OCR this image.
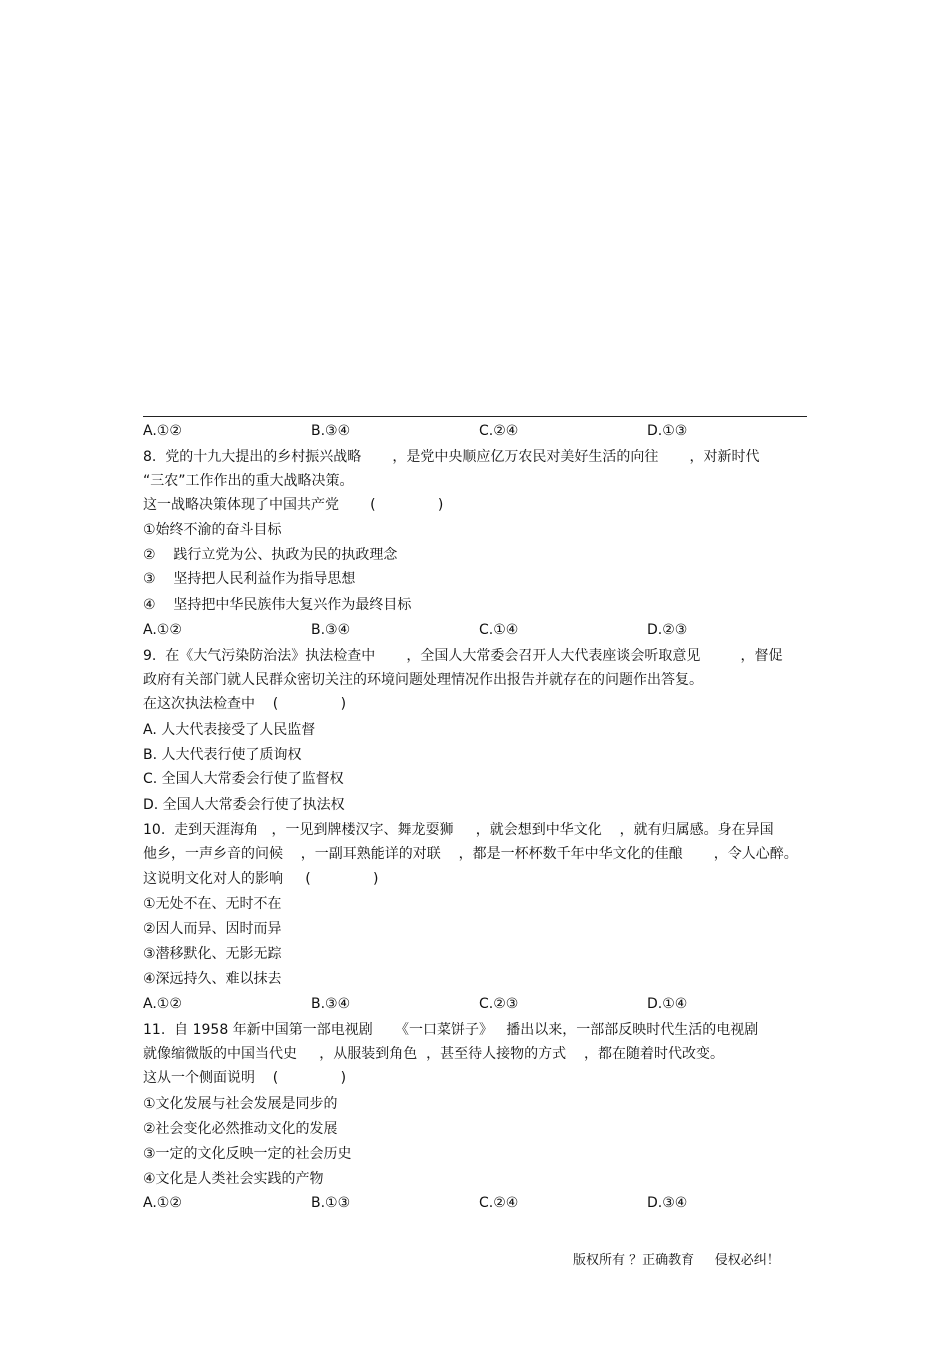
A.①②	B.③④	C.②④	D.①③
8.  党的十九大提出的乡村振兴战略       ，是党中央顺应亿万农民对美好生活的向往       ，对新时代
“三农”工作作出的重大战略决策。
这一战略决策体现了中国共产党       (              )
①始终不渝的奋斗目标
②    践行立党为公、执政为民的执政理念
③    坚持把人民利益作为指导思想
④    坚持把中华民族伟大复兴作为最终目标
A.①②	B.③④	C.①④	D.②③
9.  在《大气污染防治法》执法检查中       ，全国人大常委会召开人大代表座谈会听取意见         ，督促
政府有关部门就人民群众密切关注的环境问题处理情况作出报告并就存在的问题作出答复。
在这次执法检查中    (              )
A. 人大代表接受了人民监督
B. 人大代表行使了质询权
C. 全国人大常委会行使了监督权
D. 全国人大常委会行使了执法权
10.  走到天涯海角   ，一见到牌楼汉字、舞龙耍狮     ，就会想到中华文化    ，就有归属感。身在异国
他乡，一声乡音的问候    ，一副耳熟能详的对联    ，都是一杯杯数千年中华文化的佳酿       ，令人心醉。
这说明文化对人的影响     (              )
①无处不在、无时不在
②因人而异、因时而异
③潜移默化、无影无踪
④深远持久、难以抹去
A.①②	B.③④	C.②③	D.①④
11.  自 1958 年新中国第一部电视剧     《一口菜饼子》   播出以来，一部部反映时代生活的电视剧
就像缩微版的中国当代史     ，从服装到角色  ，甚至待人接物的方式    ，都在随着时代改变。
这从一个侧面说明    (              )
①文化发展与社会发展是同步的
②社会变化必然推动文化的发展
③一定的文化反映一定的社会历史
④文化是人类社会实践的产物
A.①②	B.①③	C.②④	D.③④
版权所有 ？正确教育     侵权必纠！
